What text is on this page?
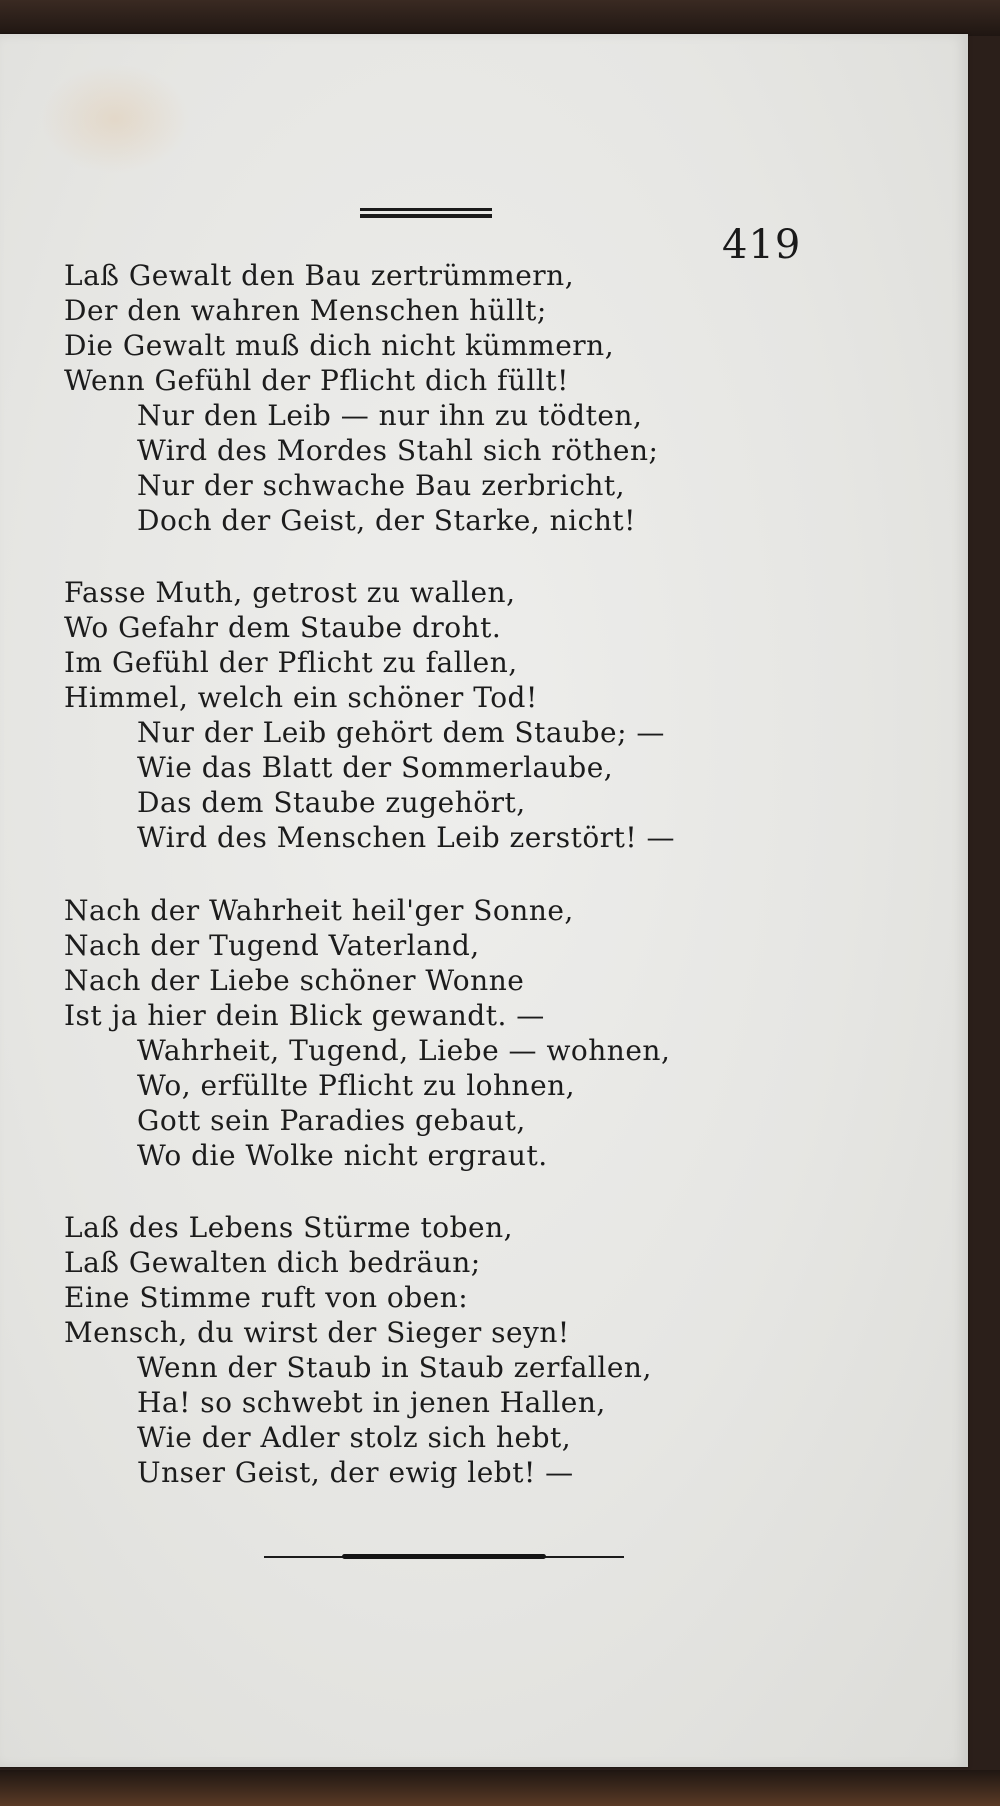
419
Laß Gewalt den Bau zertrümmern,
Der den wahren Menschen hüllt;
Die Gewalt muß dich nicht kümmern,
Wenn Gefühl der Pflicht dich füllt!
Nur den Leib — nur ihn zu tödten,
Wird des Mordes Stahl sich röthen;
Nur der schwache Bau zerbricht,
Doch der Geist, der Starke, nicht!
Fasse Muth, getrost zu wallen,
Wo Gefahr dem Staube droht.
Im Gefühl der Pflicht zu fallen,
Himmel, welch ein schöner Tod!
Nur der Leib gehört dem Staube; —
Wie das Blatt der Sommerlaube,
Das dem Staube zugehört,
Wird des Menschen Leib zerstört! —
Nach der Wahrheit heil'ger Sonne,
Nach der Tugend Vaterland,
Nach der Liebe schöner Wonne
Ist ja hier dein Blick gewandt. —
Wahrheit, Tugend, Liebe — wohnen,
Wo, erfüllte Pflicht zu lohnen,
Gott sein Paradies gebaut,
Wo die Wolke nicht ergraut.
Laß des Lebens Stürme toben,
Laß Gewalten dich bedräun;
Eine Stimme ruft von oben:
Mensch, du wirst der Sieger seyn!
Wenn der Staub in Staub zerfallen,
Ha! so schwebt in jenen Hallen,
Wie der Adler stolz sich hebt,
Unser Geist, der ewig lebt! —
